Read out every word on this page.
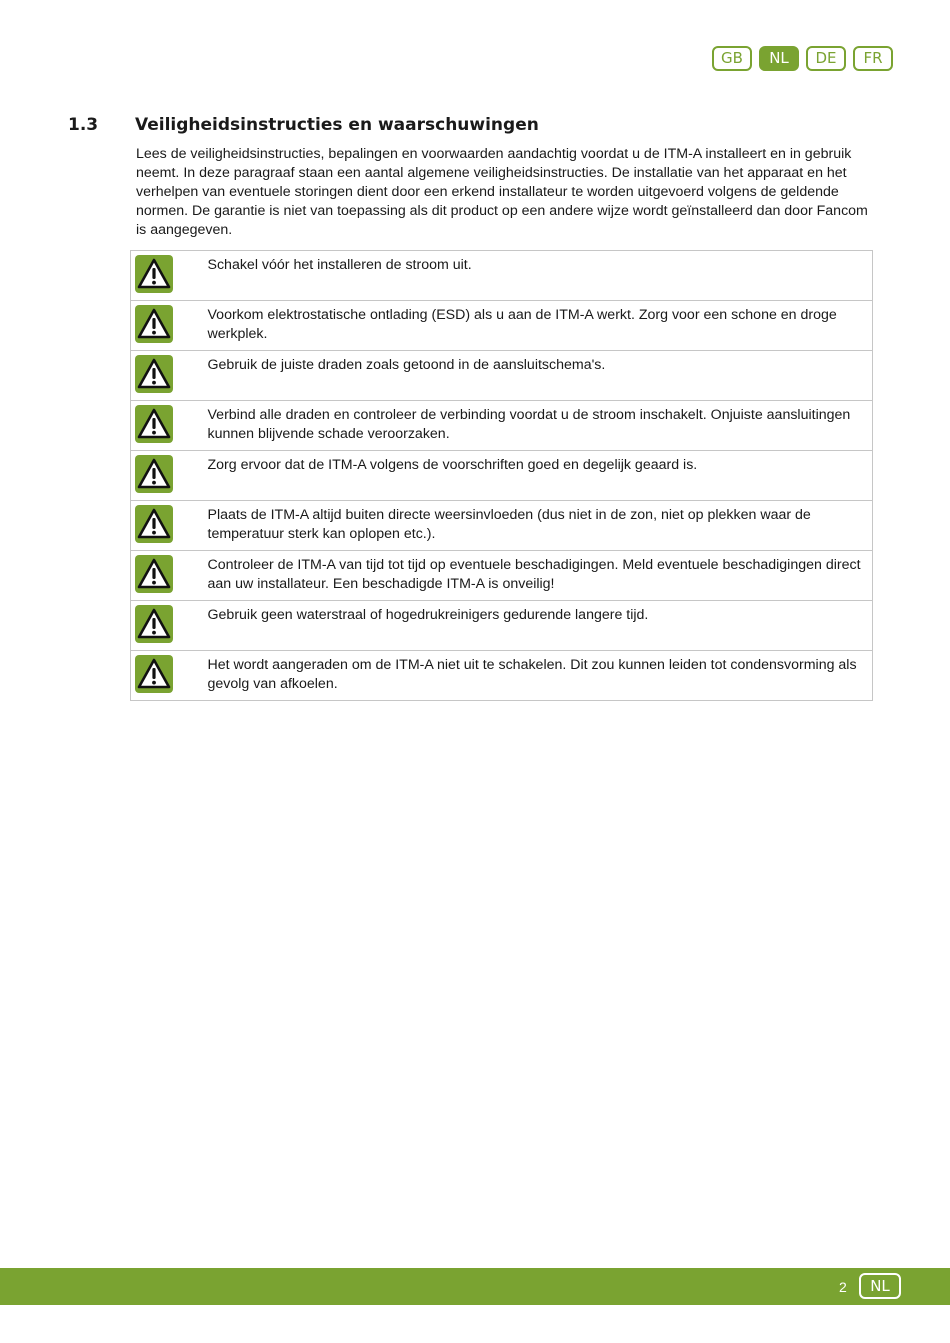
GB	NL	DE	FR
1.3 Veiligheidsinstructies en waarschuwingen

Lees de veiligheidsinstructies, bepalingen en voorwaarden aandachtig voordat u de ITM-A installeert en in gebruik neemt. In deze paragraaf staan een aantal algemene veiligheidsinstructies. De installatie van het apparaat en het verhelpen van eventuele storingen dient door een erkend installateur te worden uitgevoerd volgens de geldende normen. De garantie is niet van toepassing als dit product op een andere wijze wordt geïnstalleerd dan door Fancom is aangegeven.

	Schakel vóór het installeren de stroom uit.

	Voorkom elektrostatische ontlading (ESD) als u aan de ITM-A werkt. Zorg voor een schone en droge werkplek.

	Gebruik de juiste draden zoals getoond in de aansluitschema's.

	Verbind alle draden en controleer de verbinding voordat u de stroom inschakelt. Onjuiste aansluitingen kunnen blijvende schade veroorzaken.

	Zorg ervoor dat de ITM-A volgens de voorschriften goed en degelijk geaard is.

	Plaats de ITM-A altijd buiten directe weersinvloeden (dus niet in de zon, niet op plekken waar de temperatuur sterk kan oplopen etc.).

	Controleer de ITM-A van tijd tot tijd op eventuele beschadigingen. Meld eventuele beschadigingen direct aan uw installateur. Een beschadigde ITM-A is onveilig!

	Gebruik geen waterstraal of hogedrukreinigers gedurende langere tijd.

	Het wordt aangeraden om de ITM-A niet uit te schakelen. Dit zou kunnen leiden tot condensvorming als gevolg van afkoelen.
2	NL
